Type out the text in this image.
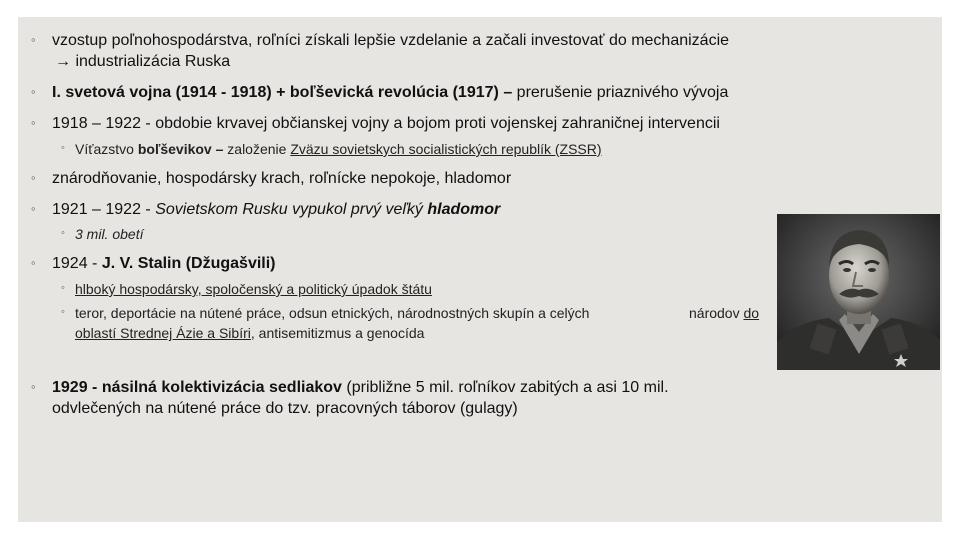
◦ vzostup poľnohospodárstva, roľníci získali lepšie vzdelanie a začali investovať do mechanizácie
→ industrializácia Ruska
◦ I. svetová vojna (1914 - 1918) + boľševická revolúcia (1917) – prerušenie priaznivého vývoja
◦ 1918 – 1922 - obdobie krvavej občianskej vojny a bojom proti vojenskej zahraničnej intervencii
◦ Víťazstvo boľševikov – založenie Zväzu sovietskych socialistických republík (ZSSR)
◦ znárodňovanie, hospodársky krach, roľnícke nepokoje, hladomor
◦ 1921 – 1922 - Sovietskom Rusku vypukol prvý veľký hladomor
◦ 3 mil. obetí
◦ 1924 - J. V. Stalin (Džugašvili)
◦ hlboký hospodársky, spoločenský a politický úpadok štátu
◦ teror, deportácie na nútené práce, odsun etnických, národnostných skupín a celých	národov do
oblastí Strednej Ázie a Sibíri, antisemitizmus a genocída
◦ 1929 - násilná kolektivizácia sedliakov (približne 5 mil. roľníkov zabitých a asi 10 mil.
odvlečených na nútené práce do tzv. pracovných táborov (gulagy)
